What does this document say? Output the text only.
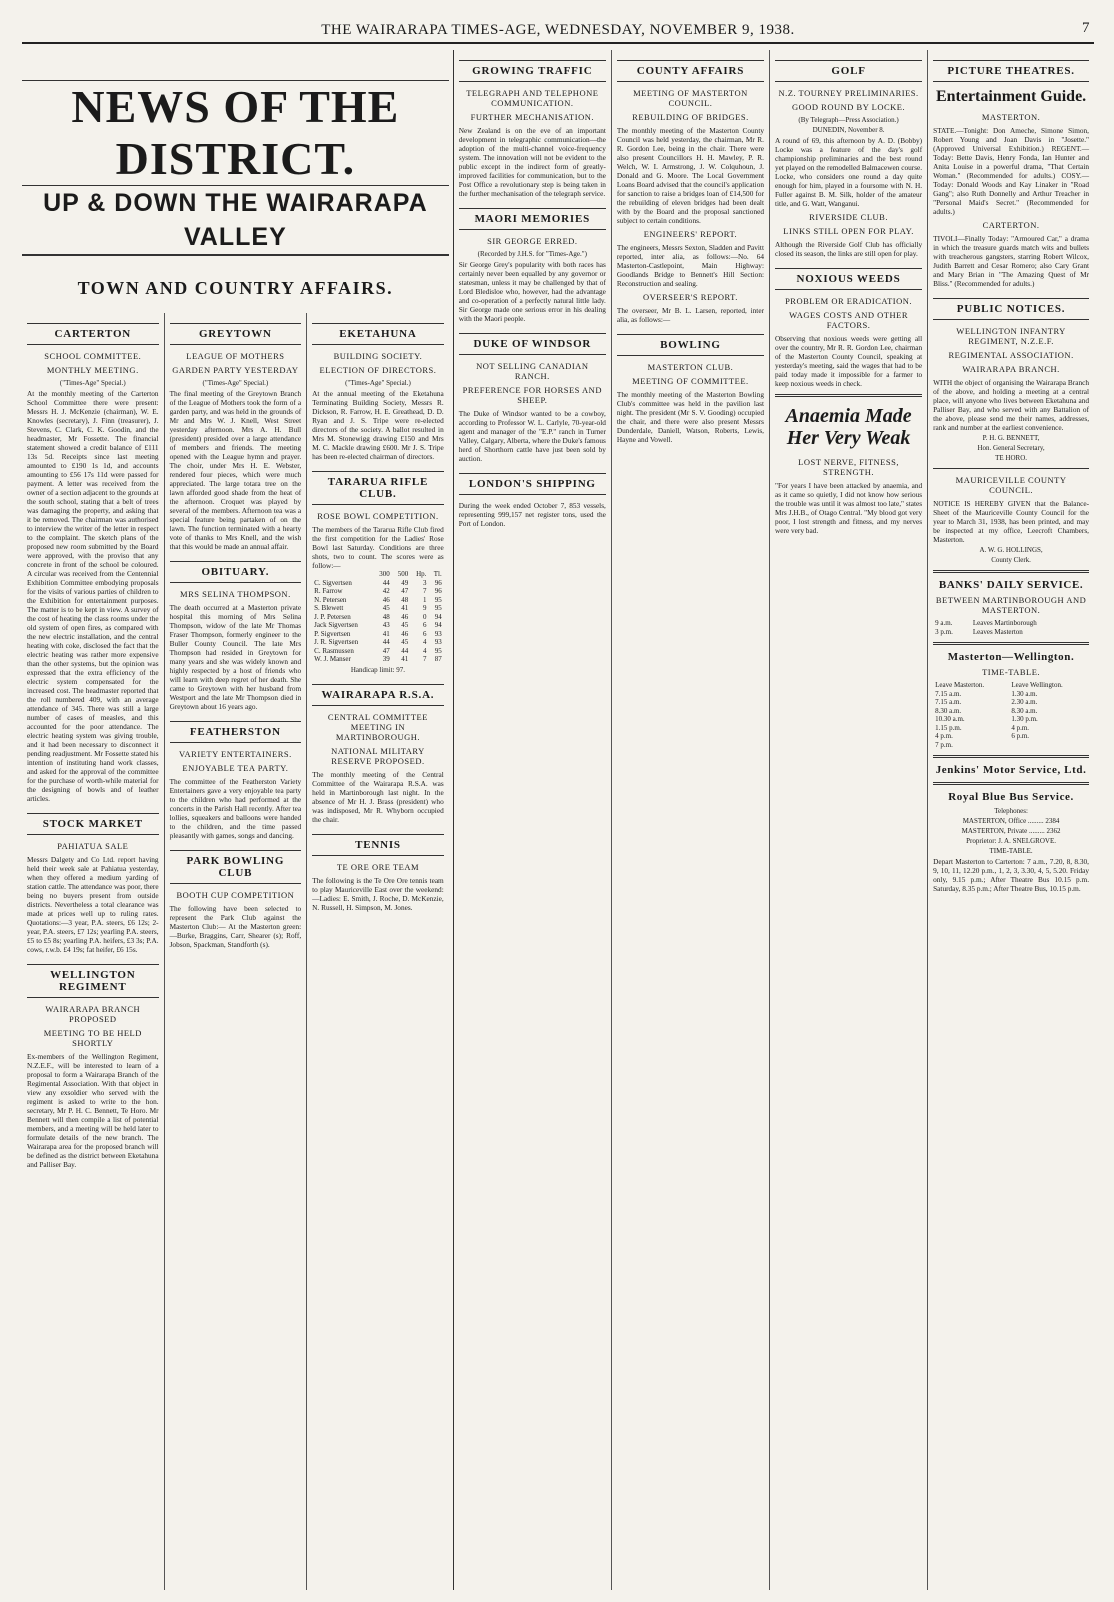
THE WAIRARAPA TIMES-AGE, WEDNESDAY, NOVEMBER 9, 1938.	7
NEWS OF THE DISTRICT.
UP & DOWN THE WAIRARAPA VALLEY
TOWN AND COUNTRY AFFAIRS.
CARTERTON
SCHOOL COMMITTEE.
MONTHLY MEETING.
("Times-Age" Special.)
At the monthly meeting of the Carterton School Committee there were present: Messrs H. J. McKenzie (chairman), W. E. Knowles (secretary), J. Finn (treasurer), J. Stevens, C. Clark, C. K. Goodin, and the headmaster, Mr Fossette. The financial statement showed a credit balance of £111 13s 5d. Receipts since last meeting amounted to £190 1s 1d, and accounts amounting to £56 17s 11d were passed for payment. A letter was received from the owner of a section adjacent to the grounds at the south school, stating that a belt of trees was damaging the property, and asking that it be removed. The chairman was authorised to interview the writer of the letter in respect to the complaint. The sketch plans of the proposed new room submitted by the Board were approved, with the proviso that any concrete in front of the school be coloured. A circular was received from the Centennial Exhibition Committee embodying proposals for the visits of various parties of children to the Exhibition for entertainment purposes. The matter is to be kept in view. A survey of the cost of heating the class rooms under the old system of open fires, as compared with the new electric installation, and the central heating with coke, disclosed the fact that the electric heating was rather more expensive than the other systems, but the opinion was expressed that the extra efficiency of the electric system compensated for the increased cost. The headmaster reported that the roll numbered 409, with an average attendance of 345. There was still a large number of cases of measles, and this accounted for the poor attendance. The electric heating system was giving trouble, and it had been necessary to disconnect it pending readjustment. Mr Fossette stated his intention of instituting hand work classes, and asked for the approval of the committee for the purchase of worth-while material for the designing of bowls and of leather articles.
STOCK MARKET
PAHIATUA SALE
Messrs Dalgety and Co Ltd. report having held their week sale at Pahiatua yesterday, when they offered a medium yarding of station cattle. The attendance was poor, there being no buyers present from outside districts. Nevertheless a total clearance was made at prices well up to ruling rates. Quotations:—3 year, P.A. steers, £6 12s; 2-year, P.A. steers, £7 12s; yearling P.A. steers, £5 to £5 8s; yearling P.A. heifers, £3 3s; P.A. cows, r.w.b. £4 19s; fat heifer, £6 15s.
WELLINGTON REGIMENT
WAIRARAPA BRANCH PROPOSED
MEETING TO BE HELD SHORTLY
Ex-members of the Wellington Regiment, N.Z.E.F., will be interested to learn of a proposal to form a Wairarapa Branch of the Regimental Association. With that object in view any exsoldier who served with the regiment is asked to write to the hon. secretary, Mr P. H. C. Bennett, Te Horo. Mr Bennett will then compile a list of potential members, and a meeting will be held later to formulate details of the new branch. The Wairarapa area for the proposed branch will be defined as the district between Eketahuna and Palliser Bay.
GREYTOWN
LEAGUE OF MOTHERS
GARDEN PARTY YESTERDAY
("Times-Age" Special.)
The final meeting of the Greytown Branch of the League of Mothers took the form of a garden party, and was held in the grounds of Mr and Mrs W. J. Knell, West Street yesterday afternoon. Mrs A. H. Bull (president) presided over a large attendance of members and friends. The meeting opened with the League hymn and prayer. The choir, under Mrs H. E. Webster, rendered four pieces, which were much appreciated. The large totara tree on the lawn afforded good shade from the heat of the afternoon. Croquet was played by several of the members. Afternoon tea was a special feature being partaken of on the lawn. The function terminated with a hearty vote of thanks to Mrs Knell, and the wish that this would be made an annual affair.
OBITUARY.
MRS SELINA THOMPSON.
The death occurred at a Masterton private hospital this morning of Mrs Selina Thompson, widow of the late Mr Thomas Fraser Thompson, formerly engineer to the Buller County Council. The late Mrs Thompson had resided in Greytown for many years and she was widely known and highly respected by a host of friends who will learn with deep regret of her death. She came to Greytown with her husband from Westport and the late Mr Thompson died in Greytown about 16 years ago.
FEATHERSTON
VARIETY ENTERTAINERS.
ENJOYABLE TEA PARTY.
The committee of the Featherston Variety Entertainers gave a very enjoyable tea party to the children who had performed at the concerts in the Parish Hall recently. After tea lollies, squeakers and balloons were handed to the children, and the time passed pleasantly with games, songs and dancing.
PARK BOWLING CLUB
BOOTH CUP COMPETITION
The following have been selected to represent the Park Club against the Masterton Club:— At the Masterton green:—Burke, Braggins, Carr, Shearer (s); Roff, Jobson, Spackman, Standforth (s).
EKETAHUNA
BUILDING SOCIETY.
ELECTION OF DIRECTORS.
("Times-Age" Special.)
At the annual meeting of the Eketahuna Terminating Building Society, Messrs R. Dickson, R. Farrow, H. E. Greathead, D. D. Ryan and J. S. Tripe were re-elected directors of the society. A ballot resulted in Mrs M. Stonewigg drawing £150 and Mrs M. C. Mackle drawing £600. Mr J. S. Tripe has been re-elected chairman of directors.
TARARUA RIFLE CLUB.
ROSE BOWL COMPETITION.
The members of the Tararua Rifle Club fired the first competition for the Ladies' Rose Bowl last Saturday. Conditions are three shots, two to count. The scores were as follow:—
	300	500	Hp.	Tl.
C. Sigvertsen	44	49	3	96
R. Farrow	42	47	7	96
N. Petersen	46	48	1	95
S. Blewett	45	41	9	95
J. P. Petersen	48	46	0	94
Jack Sigvertsen	43	45	6	94
P. Sigvertsen	41	46	6	93
J. R. Sigvertsen	44	45	4	93
C. Rasmussen	47	44	4	95
W. J. Manser	39	41	7	87
Handicap limit: 97.
WAIRARAPA R.S.A.
CENTRAL COMMITTEE MEETING IN MARTINBOROUGH.
NATIONAL MILITARY RESERVE PROPOSED.
The monthly meeting of the Central Committee of the Wairarapa R.S.A. was held in Martinborough last night. In the absence of Mr H. J. Brass (president) who was indisposed, Mr R. Whyborn occupied the chair.
TENNIS
TE ORE ORE TEAM
The following is the Te Ore Ore tennis team to play Mauriceville East over the weekend:—Ladies: E. Smith, J. Roche, D. McKenzie, N. Russell, H. Simpson, M. Jones.
GROWING TRAFFIC
TELEGRAPH AND TELEPHONE COMMUNICATION.
FURTHER MECHANISATION.
New Zealand is on the eve of an important development in telegraphic communication—the adoption of the multi-channel voice-frequency system. The innovation will not be evident to the public except in the indirect form of greatly-improved facilities for communication, but to the Post Office a revolutionary step is being taken in the further mechanisation of the telegraph service.
MAORI MEMORIES
SIR GEORGE ERRED.
(Recorded by J.H.S. for "Times-Age.")
Sir George Grey's popularity with both races has certainly never been equalled by any governor or statesman, unless it may be challenged by that of Lord Bledisloe who, however, had the advantage and co-operation of a perfectly natural little lady. Sir George made one serious error in his dealing with the Maori people.
DUKE OF WINDSOR
NOT SELLING CANADIAN RANCH.
PREFERENCE FOR HORSES AND SHEEP.
The Duke of Windsor wanted to be a cowboy, according to Professor W. L. Carlyle, 70-year-old agent and manager of the "E.P." ranch in Turner Valley, Calgary, Alberta, where the Duke's famous herd of Shorthorn cattle have just been sold by auction.
LONDON'S SHIPPING
During the week ended October 7, 853 vessels, representing 999,157 net register tons, used the Port of London.
COUNTY AFFAIRS
MEETING OF MASTERTON COUNCIL.
REBUILDING OF BRIDGES.
The monthly meeting of the Masterton County Council was held yesterday, the chairman, Mr R. R. Gordon Lee, being in the chair. There were also present Councillors H. H. Mawley, P. R. Welch, W. I. Armstrong, J. W. Colquhoun, J. Donald and G. Moore. The Local Government Loans Board advised that the council's application for sanction to raise a bridges loan of £14,500 for the rebuilding of eleven bridges had been dealt with by the Board and the proposal sanctioned subject to certain conditions.
ENGINEERS' REPORT.
The engineers, Messrs Sexton, Sladden and Pavitt reported, inter alia, as follows:—No. 64 Masterton-Castlepoint, Main Highway: Goodlands Bridge to Bennett's Hill Section: Reconstruction and sealing.
OVERSEER'S REPORT.
The overseer, Mr B. L. Larsen, reported, inter alia, as follows:—
BOWLING
MASTERTON CLUB.
MEETING OF COMMITTEE.
The monthly meeting of the Masterton Bowling Club's committee was held in the pavilion last night. The president (Mr S. V. Gooding) occupied the chair, and there were also present Messrs Dunderdale, Daniell, Watson, Roberts, Lewis, Hayne and Vowell.
GOLF
N.Z. TOURNEY PRELIMINARIES.
GOOD ROUND BY LOCKE.
(By Telegraph—Press Association.)
DUNEDIN, November 8.
A round of 69, this afternoon by A. D. (Bobby) Locke was a feature of the day's golf championship preliminaries and the best round yet played on the remodelled Balmacewen course. Locke, who considers one round a day quite enough for him, played in a foursome with N. H. Fuller against B. M. Silk, holder of the amateur title, and G. Watt, Wanganui.
RIVERSIDE CLUB.
LINKS STILL OPEN FOR PLAY.
Although the Riverside Golf Club has officially closed its season, the links are still open for play.
NOXIOUS WEEDS
PROBLEM OR ERADICATION.
WAGES COSTS AND OTHER FACTORS.
Observing that noxious weeds were getting all over the country, Mr R. R. Gordon Lee, chairman of the Masterton County Council, speaking at yesterday's meeting, said the wages that had to be paid today made it impossible for a farmer to keep noxious weeds in check.
Anaemia Made
Her Very Weak
LOST NERVE, FITNESS, STRENGTH.
"For years I have been attacked by anaemia, and as it came so quietly, I did not know how serious the trouble was until it was almost too late," states Mrs J.H.B., of Otago Central. "My blood got very poor, I lost strength and fitness, and my nerves were very bad.
PICTURE THEATRES.
Entertainment Guide.
MASTERTON.
STATE.—Tonight: Don Ameche, Simone Simon, Robert Young and Joan Davis in "Josette." (Approved Universal Exhibition.) REGENT.—Today: Bette Davis, Henry Fonda, Ian Hunter and Anita Louise in a powerful drama, "That Certain Woman." (Recommended for adults.) COSY.—Today: Donald Woods and Kay Linaker in "Road Gang"; also Ruth Donnelly and Arthur Treacher in "Personal Maid's Secret." (Recommended for adults.)
CARTERTON.
TIVOLI—Finally Today: "Armoured Car," a drama in which the treasure guards match wits and bullets with treacherous gangsters, starring Robert Wilcox, Judith Barrett and Cesar Romero; also Cary Grant and Mary Brian in "The Amazing Quest of Mr Bliss." (Recommended for adults.)
PUBLIC NOTICES.
WELLINGTON INFANTRY REGIMENT, N.Z.E.F.
REGIMENTAL ASSOCIATION.
WAIRARAPA BRANCH.
WITH the object of organising the Wairarapa Branch of the above, and holding a meeting at a central place, will anyone who lives between Eketahuna and Palliser Bay, and who served with any Battalion of the above, please send me their names, addresses, rank and number at the earliest convenience.
P. H. G. BENNETT,
Hon. General Secretary,
TE HORO.
MAURICEVILLE COUNTY COUNCIL.
NOTICE IS HEREBY GIVEN that the Balance-Sheet of the Mauriceville County Council for the year to March 31, 1938, has been printed, and may be inspected at my office, Leecroft Chambers, Masterton.
A. W. G. HOLLINGS,
County Clerk.
BANKS' DAILY SERVICE.
BETWEEN MARTINBOROUGH AND MASTERTON.
9 a.m.	Leaves Martinborough
3 p.m.	Leaves Masterton
Masterton—Wellington.
TIME-TABLE.
Leave Masterton.	Leave Wellington.
7.15 a.m.	1.30 a.m.
7.15 a.m.	2.30 a.m.
8.30 a.m.	8.30 a.m.
10.30 a.m.	1.30 p.m.
1.15 p.m.	4 p.m.
4 p.m.	6 p.m.
7 p.m.	
Jenkins' Motor Service, Ltd.
Royal Blue Bus Service.
Telephones:
MASTERTON, Office ......... 2384
MASTERTON, Private ......... 2362
Proprietor: J. A. SNELGROVE.
TIME-TABLE.
Depart Masterton to Carterton: 7 a.m., 7.20, 8, 8.30, 9, 10, 11, 12.20 p.m., 1, 2, 3, 3.30, 4, 5, 5.20. Friday only, 9.15 p.m.; After Theatre Bus 10.15 p.m. Saturday, 8.35 p.m.; After Theatre Bus, 10.15 p.m.
